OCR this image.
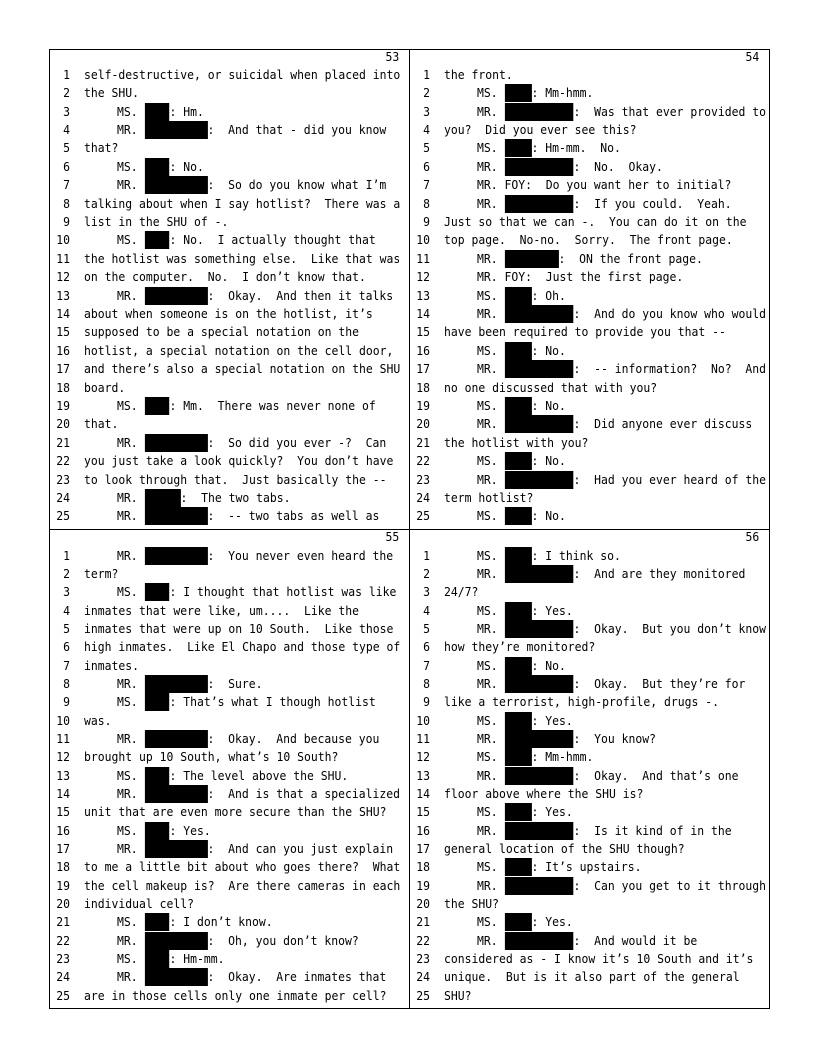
53
1 self-destructive, or suicidal when placed into
2 the SHU.
3	MS.	: Hm.
4	MR.	:  And that - did you know
5 that?
6	MS.	: No.
7	MR.	:  So do you know what I’m
8 talking about when I say hotlist?  There was a
9 list in the SHU of -.
10	MS.	: No.  I actually thought that
11 the hotlist was something else.  Like that was
12 on the computer.  No.  I don’t know that.
13	MR.	:  Okay.  And then it talks
14 about when someone is on the hotlist, it’s
15 supposed to be a special notation on the
16 hotlist, a special notation on the cell door,
17 and there’s also a special notation on the SHU
18 board.
19	MS.	: Mm.  There was never none of
20 that.
21	MR.	:  So did you ever -?  Can
22 you just take a look quickly?  You don’t have
23 to look through that.  Just basically the --
24	MR.	:  The two tabs.
25	MR.	:  -- two tabs as well as
54
1 the front.
2	MS.	: Mm-hmm.
3	MR.	:  Was that ever provided to
4 you?  Did you ever see this?
5	MS.	: Hm-mm.  No.
6	MR.	:  No.  Okay.
7	MR. FOY:  Do you want her to initial?
8	MR.	:  If you could.  Yeah.
9 Just so that we can -.  You can do it on the
10 top page.  No-no.  Sorry.  The front page.
11	MR.	:  ON the front page.
12	MR. FOY:  Just the first page.
13	MS.	: Oh.
14	MR.	:  And do you know who would
15 have been required to provide you that --
16	MS.	: No.
17	MR.	:  -- information?  No?  And
18 no one discussed that with you?
19	MS.	: No.
20	MR.	:  Did anyone ever discuss
21 the hotlist with you?
22	MS.	: No.
23	MR.	:  Had you ever heard of the
24 term hotlist?
25	MS.	: No.
55
1	MR.	:  You never even heard the
2 term?
3	MS.	: I thought that hotlist was like
4 inmates that were like, um....  Like the
5 inmates that were up on 10 South.  Like those
6 high inmates.  Like El Chapo and those type of
7 inmates.
8	MR.	:  Sure.
9	MS.	: That’s what I though hotlist
10 was.
11	MR.	:  Okay.  And because you
12 brought up 10 South, what’s 10 South?
13	MS.	: The level above the SHU.
14	MR.	:  And is that a specialized
15 unit that are even more secure than the SHU?
16	MS.	: Yes.
17	MR.	:  And can you just explain
18 to me a little bit about who goes there?  What
19 the cell makeup is?  Are there cameras in each
20 individual cell?
21	MS.	: I don’t know.
22	MR.	:  Oh, you don’t know?
23	MS.	: Hm-mm.
24	MR.	:  Okay.  Are inmates that
25 are in those cells only one inmate per cell?
56
1	MS.	: I think so.
2	MR.	:  And are they monitored
3 24/7?
4	MS.	: Yes.
5	MR.	:  Okay.  But you don’t know
6 how they’re monitored?
7	MS.	: No.
8	MR.	:  Okay.  But they’re for
9 like a terrorist, high-profile, drugs -.
10	MS.	: Yes.
11	MR.	:  You know?
12	MS.	: Mm-hmm.
13	MR.	:  Okay.  And that’s one
14 floor above where the SHU is?
15	MS.	: Yes.
16	MR.	:  Is it kind of in the
17 general location of the SHU though?
18	MS.	: It’s upstairs.
19	MR.	:  Can you get to it through
20 the SHU?
21	MS.	: Yes.
22	MR.	:  And would it be
23 considered as - I know it’s 10 South and it’s
24 unique.  But is it also part of the general
25 SHU?
